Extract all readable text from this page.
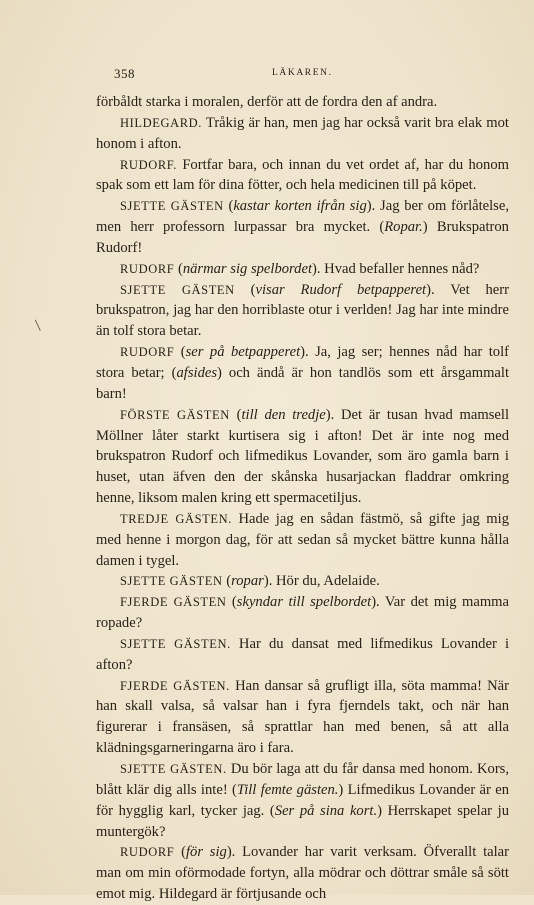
358	LÄKAREN.

förbåldt starka i moralen, derför att de fordra den af andra.

HILDEGARD. Tråkig är han, men jag har också varit bra elak mot honom i afton.

RUDORF. Fortfar bara, och innan du vet ordet af, har du honom spak som ett lam för dina fötter, och hela medicinen till på köpet.

SJETTE GÄSTEN (kastar korten ifrån sig). Jag ber om förlåtelse, men herr professorn lurpassar bra mycket. (Ropar.) Brukspatron Rudorf!

RUDORF (närmar sig spelbordet). Hvad befaller hennes nåd?

SJETTE GÄSTEN (visar Rudorf betpapperet). Vet herr brukspatron, jag har den horriblaste otur i verlden! Jag har inte mindre än tolf stora betar.

RUDORF (ser på betpapperet). Ja, jag ser; hennes nåd har tolf stora betar; (afsides) och ändå är hon tandlös som ett årsgammalt barn!

FÖRSTE GÄSTEN (till den tredje). Det är tusan hvad mamsell Möllner låter starkt kurtisera sig i afton! Det är inte nog med brukspatron Rudorf och lifmedikus Lovander, som äro gamla barn i huset, utan äfven den der skånska husarjackan fladdrar omkring henne, liksom malen kring ett spermacetiljus.

TREDJE GÄSTEN. Hade jag en sådan fästmö, så gifte jag mig med henne i morgon dag, för att sedan så mycket bättre kunna hålla damen i tygel.

SJETTE GÄSTEN (ropar). Hör du, Adelaide.

FJERDE GÄSTEN (skyndar till spelbordet). Var det mig mamma ropade?

SJETTE GÄSTEN. Har du dansat med lifmedikus Lovander i afton?

FJERDE GÄSTEN. Han dansar så grufligt illa, söta mamma! När han skall valsa, så valsar han i fyra fjerndels takt, och när han figurerar i fransäsen, så sprattlar han med benen, så att alla klädningsgarneringarna äro i fara.

SJETTE GÄSTEN. Du bör laga att du får dansa med honom. Kors, blått klär dig alls inte! (Till femte gästen.) Lifmedikus Lovander är en för hygglig karl, tycker jag. (Ser på sina kort.) Herrskapet spelar ju muntergök?

RUDORF (för sig). Lovander har varit verksam. Öfverallt talar man om min oförmodade fortyn, alla mödrar och döttrar småle så sött emot mig. Hildegard är förtjusande och
